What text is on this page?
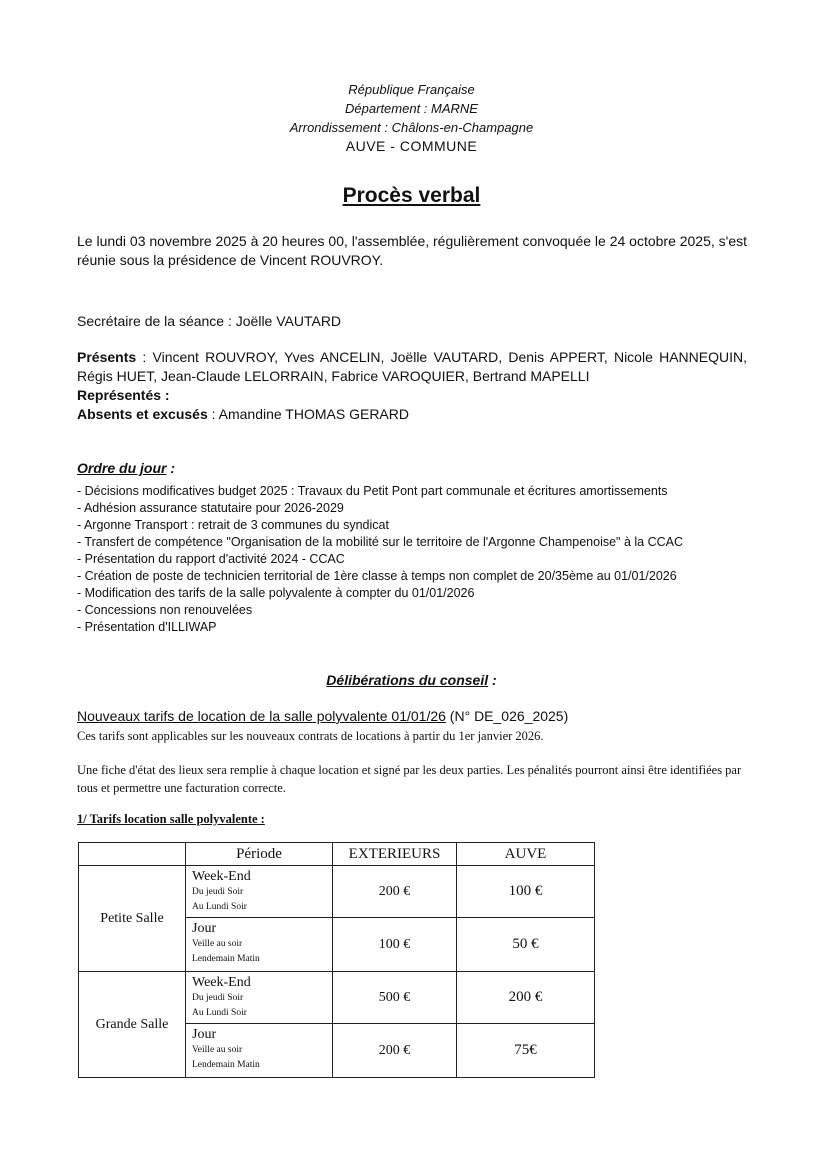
République Française
Département : MARNE
Arrondissement : Châlons-en-Champagne
AUVE - COMMUNE
Procès verbal
Le lundi 03 novembre 2025 à 20 heures 00, l'assemblée, régulièrement convoquée le 24 octobre 2025, s'est réunie sous la présidence de Vincent ROUVROY.
Secrétaire de la séance : Joëlle VAUTARD
Présents : Vincent ROUVROY, Yves ANCELIN, Joëlle VAUTARD, Denis APPERT, Nicole HANNEQUIN, Régis HUET, Jean-Claude LELORRAIN, Fabrice VAROQUIER, Bertrand MAPELLI
Représentés :
Absents et excusés : Amandine THOMAS GERARD
Ordre du jour :
- Décisions modificatives budget 2025 : Travaux du Petit Pont part communale et écritures amortissements
- Adhésion assurance statutaire pour 2026-2029
- Argonne Transport : retrait de 3 communes du syndicat
- Transfert de compétence "Organisation de la mobilité sur le territoire de l'Argonne Champenoise" à la CCAC
- Présentation du rapport d'activité 2024 - CCAC
- Création de poste de technicien territorial de 1ère classe à temps non complet de 20/35ème au 01/01/2026
- Modification des tarifs de la salle polyvalente à compter du 01/01/2026
- Concessions non renouvelées
- Présentation d'ILLIWAP
Délibérations du conseil :
Nouveaux tarifs de location de la salle polyvalente 01/01/26 (N° DE_026_2025)
Ces tarifs sont applicables sur les nouveaux contrats de locations à partir du 1er janvier 2026.
Une fiche d'état des lieux sera remplie à chaque location et signé par les deux parties. Les pénalités pourront ainsi être identifiées par tous et permettre une facturation correcte.
1/ Tarifs location salle polyvalente :
	Période	EXTERIEURS	AUVE
Petite Salle	Week-End
Du jeudi Soir
Au Lundi Soir	200 €	100 €

	Jour
Veille au soir
Lendemain Matin	100 €	50 €
Grande Salle	Week-End
Du jeudi Soir
Au Lundi Soir	500 €	200 €

	Jour
Veille au soir
Lendemain Matin	200 €	75€
